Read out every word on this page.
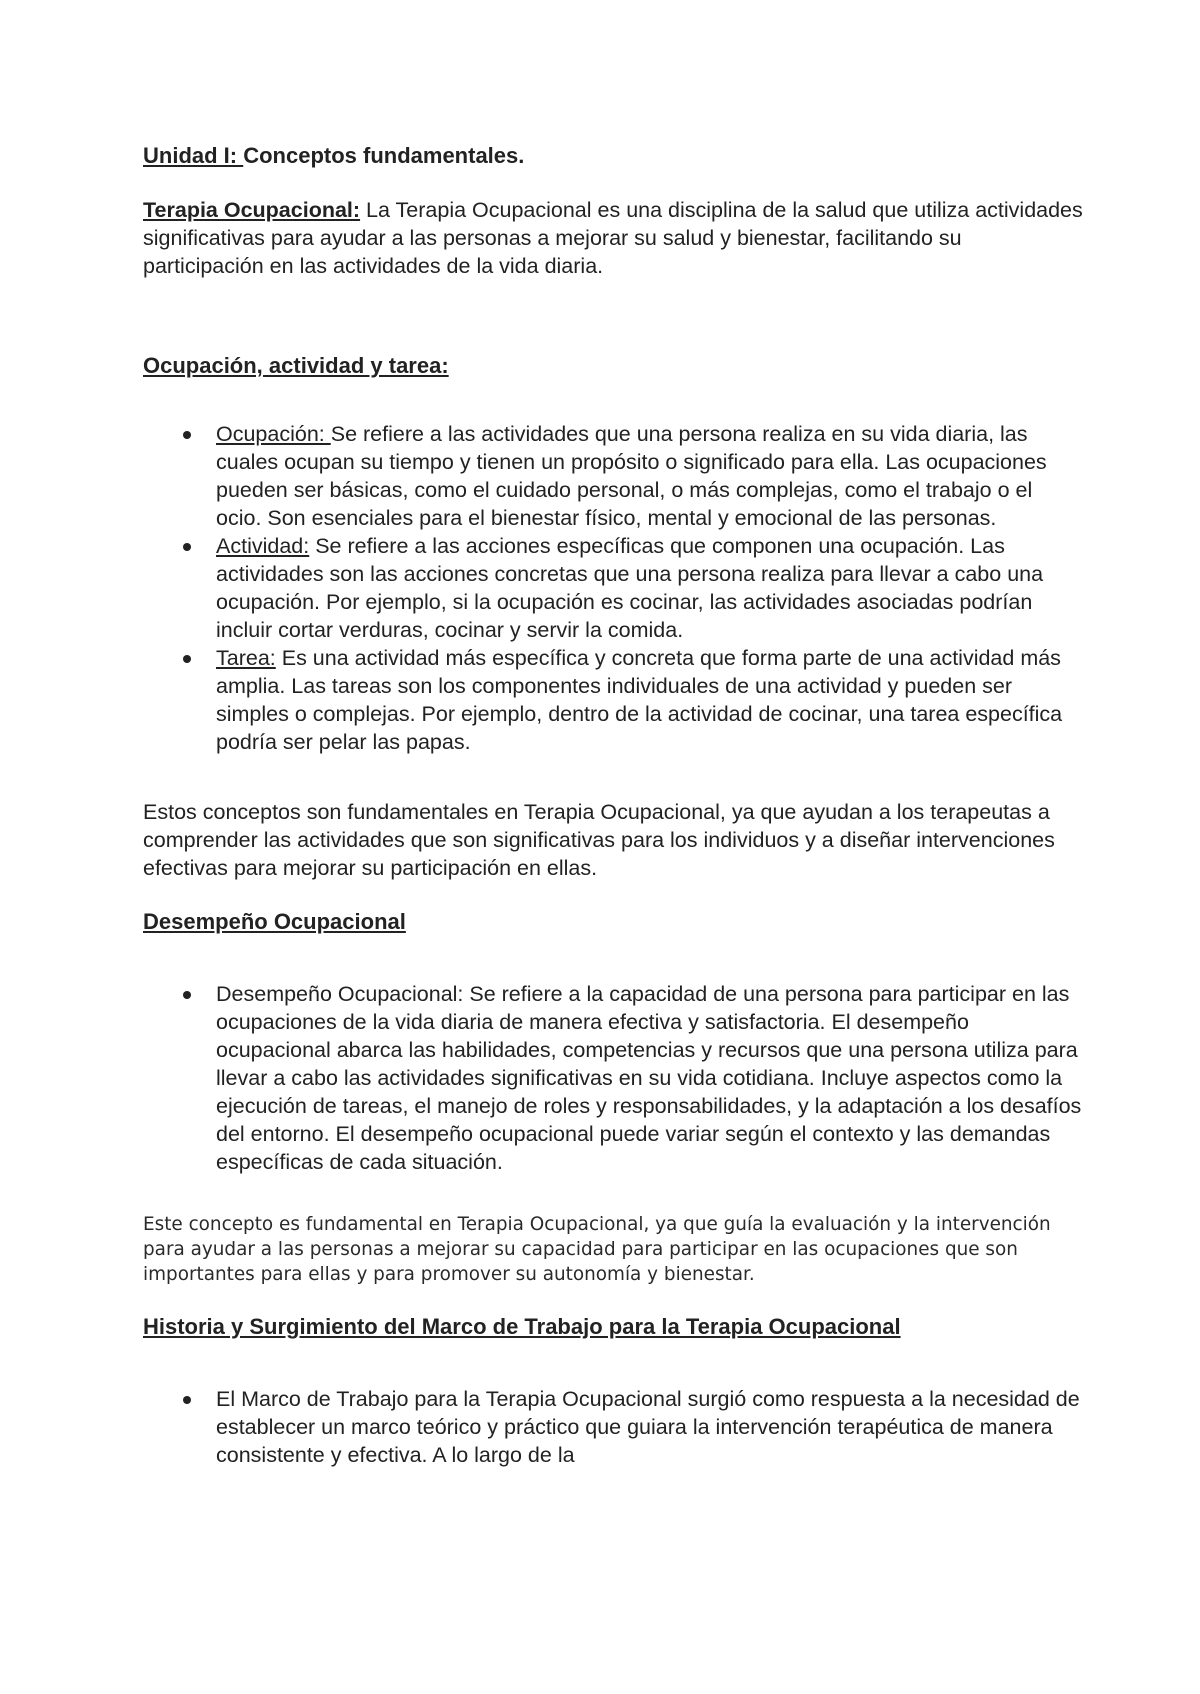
Unidad I: Conceptos fundamentales.

Terapia Ocupacional: La Terapia Ocupacional es una disciplina de la salud que utiliza actividades significativas para ayudar a las personas a mejorar su salud y bienestar, facilitando su participación en las actividades de la vida diaria.

Ocupación, actividad y tarea:

Ocupación: Se refiere a las actividades que una persona realiza en su vida diaria, las cuales ocupan su tiempo y tienen un propósito o significado para ella. Las ocupaciones pueden ser básicas, como el cuidado personal, o más complejas, como el trabajo o el ocio. Son esenciales para el bienestar físico, mental y emocional de las personas.
Actividad: Se refiere a las acciones específicas que componen una ocupación. Las actividades son las acciones concretas que una persona realiza para llevar a cabo una ocupación. Por ejemplo, si la ocupación es cocinar, las actividades asociadas podrían incluir cortar verduras, cocinar y servir la comida.
Tarea: Es una actividad más específica y concreta que forma parte de una actividad más amplia. Las tareas son los componentes individuales de una actividad y pueden ser simples o complejas. Por ejemplo, dentro de la actividad de cocinar, una tarea específica podría ser pelar las papas.

Estos conceptos son fundamentales en Terapia Ocupacional, ya que ayudan a los terapeutas a comprender las actividades que son significativas para los individuos y a diseñar intervenciones efectivas para mejorar su participación en ellas.

Desempeño Ocupacional

Desempeño Ocupacional: Se refiere a la capacidad de una persona para participar en las ocupaciones de la vida diaria de manera efectiva y satisfactoria. El desempeño ocupacional abarca las habilidades, competencias y recursos que una persona utiliza para llevar a cabo las actividades significativas en su vida cotidiana. Incluye aspectos como la ejecución de tareas, el manejo de roles y responsabilidades, y la adaptación a los desafíos del entorno. El desempeño ocupacional puede variar según el contexto y las demandas específicas de cada situación.

Este concepto es fundamental en Terapia Ocupacional, ya que guía la evaluación y la intervención para ayudar a las personas a mejorar su capacidad para participar en las ocupaciones que son importantes para ellas y para promover su autonomía y bienestar.

Historia y Surgimiento del Marco de Trabajo para la Terapia Ocupacional

El Marco de Trabajo para la Terapia Ocupacional surgió como respuesta a la necesidad de establecer un marco teórico y práctico que guiara la intervención terapéutica de manera consistente y efectiva. A lo largo de la
